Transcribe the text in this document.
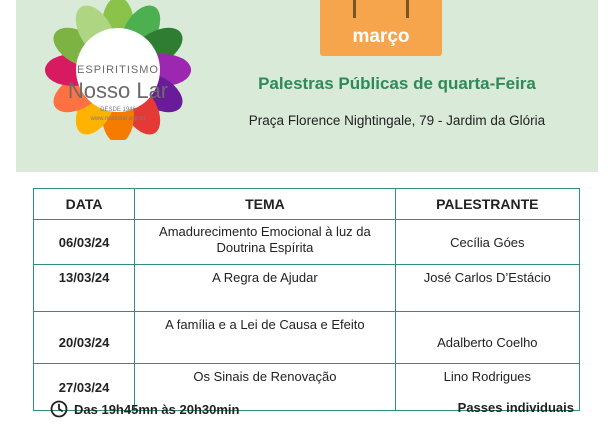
ESPIRITISMO
Nosso Lar
DESDE 1946
www.nossolar.esp.br
março
Palestras Públicas de quarta-Feira
Praça Florence Nightingale, 79 - Jardim da Glória
DATA	TEMA	PALESTRANTE
06/03/24	Amadurecimento Emocional à luz da Doutrina Espírita	Cecília Góes
13/03/24	A Regra de Ajudar	José Carlos D’Estácio
20/03/24	A família e a Lei de Causa e Efeito	Adalberto Coelho
27/03/24	Os Sinais de Renovação	Lino Rodrigues
Das 19h45mn às 20h30min	Passes individuais
